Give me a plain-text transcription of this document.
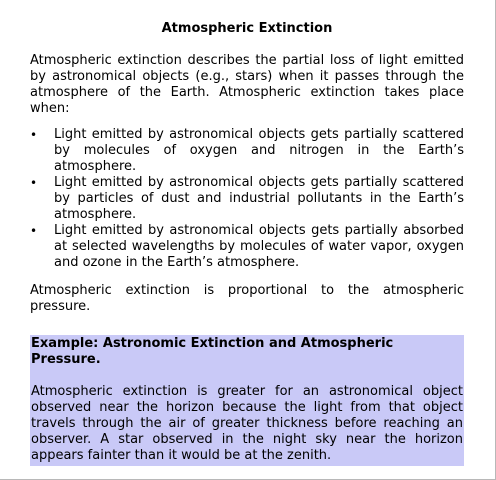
Atmospheric Extinction

Atmospheric extinction describes the partial loss of light emitted by astronomical objects (e.g., stars) when it passes through the atmosphere of the Earth. Atmospheric extinction takes place when:

•	Light emitted by astronomical objects gets partially scattered by molecules of oxygen and nitrogen in the Earth’s atmosphere.
•	Light emitted by astronomical objects gets partially scattered by particles of dust and industrial pollutants in the Earth’s atmosphere.
•	Light emitted by astronomical objects gets partially absorbed at selected wavelengths by molecules of water vapor, oxygen and ozone in the Earth’s atmosphere.

Atmospheric extinction is proportional to the atmospheric pressure.

Example: Astronomic Extinction and Atmospheric Pressure.

Atmospheric extinction is greater for an astronomical object observed near the horizon because the light from that object travels through the air of greater thickness before reaching an observer. A star observed in the night sky near the horizon appears fainter than it would be at the zenith.
